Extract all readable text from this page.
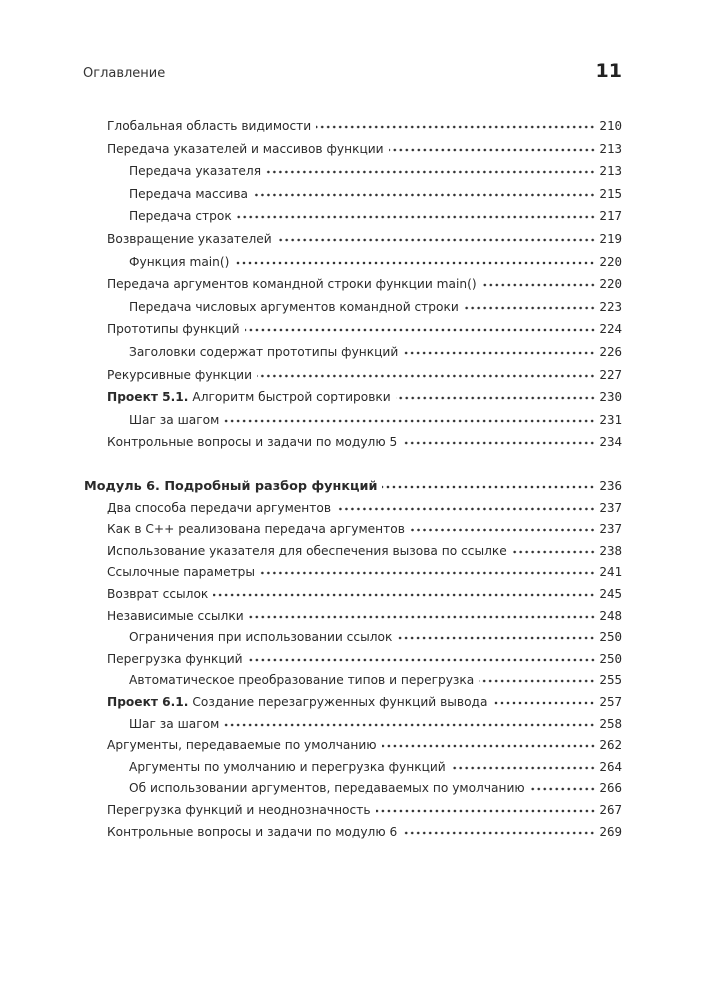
Оглавление	11
Глобальная область видимости	210
Передача указателей и массивов функции	213
Передача указателя	213
Передача массива	215
Передача строк	217
Возвращение указателей	219
Функция main()	220
Передача аргументов командной строки функции main()	220
Передача числовых аргументов командной строки	223
Прототипы функций	224
Заголовки содержат прототипы функций	226
Рекурсивные функции	227
Проект 5.1. Алгоритм быстрой сортировки	230
Шаг за шагом	231
Контрольные вопросы и задачи по модулю 5	234
Модуль 6. Подробный разбор функций	236
Два способа передачи аргументов	237
Как в C++ реализована передача аргументов	237
Использование указателя для обеспечения вызова по ссылке	238
Ссылочные параметры	241
Возврат ссылок	245
Независимые ссылки	248
Ограничения при использовании ссылок	250
Перегрузка функций	250
Автоматическое преобразование типов и перегрузка	255
Проект 6.1. Создание перезагруженных функций вывода	257
Шаг за шагом	258
Аргументы, передаваемые по умолчанию	262
Аргументы по умолчанию и перегрузка функций	264
Об использовании аргументов, передаваемых по умолчанию	266
Перегрузка функций и неоднозначность	267
Контрольные вопросы и задачи по модулю 6	269
